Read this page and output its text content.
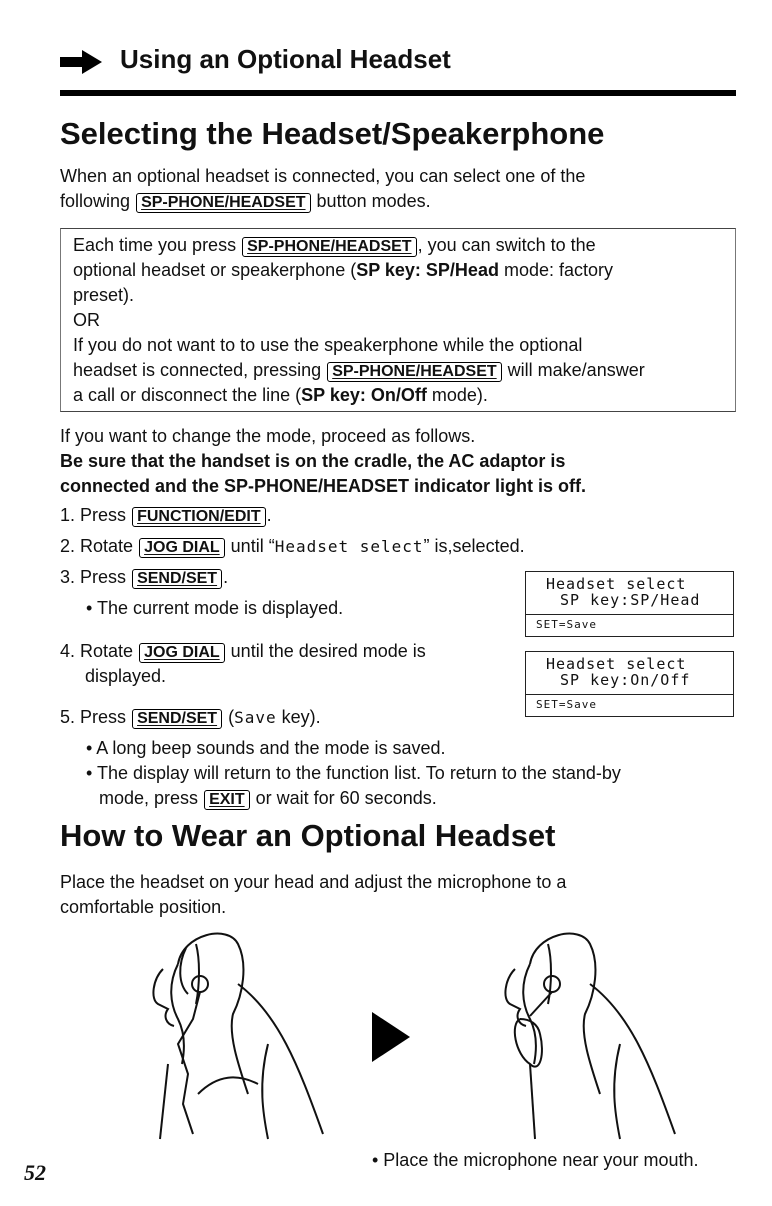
Using an Optional Headset
Selecting the Headset/Speakerphone
When an optional headset is connected, you can select one of the
following SP-PHONE/HEADSET button modes.
Each time you press SP-PHONE/HEADSET , you can switch to the
optional headset or speakerphone (SP key: SP/Head mode: factory
preset).
OR
If you do not want to to use the speakerphone while the optional
headset is connected, pressing SP-PHONE/HEADSET will make/answer
a call or disconnect the line (SP key: On/Off mode).
If you want to change the mode, proceed as follows.
Be sure that the handset is on the cradle, the AC adaptor is
connected and the SP-PHONE/HEADSET indicator light is off.
1. Press FUNCTION/EDIT .
2. Rotate JOG DIAL until “Headset select” is,selected.
3. Press SEND/SET .
• The current mode is displayed.
4. Rotate JOG DIAL until the desired mode is
displayed.
5. Press SEND/SET (Save key).
• A long beep sounds and the mode is saved.
• The display will return to the function list. To return to the stand-by
mode, press EXIT or wait for 60 seconds.
Headset select
SP key:SP/Head
SET=Save
Headset select
SP key:On/Off
SET=Save
How to Wear an Optional Headset
Place the headset on your head and adjust the microphone to a
comfortable position.
• Place the microphone near your mouth.
52
